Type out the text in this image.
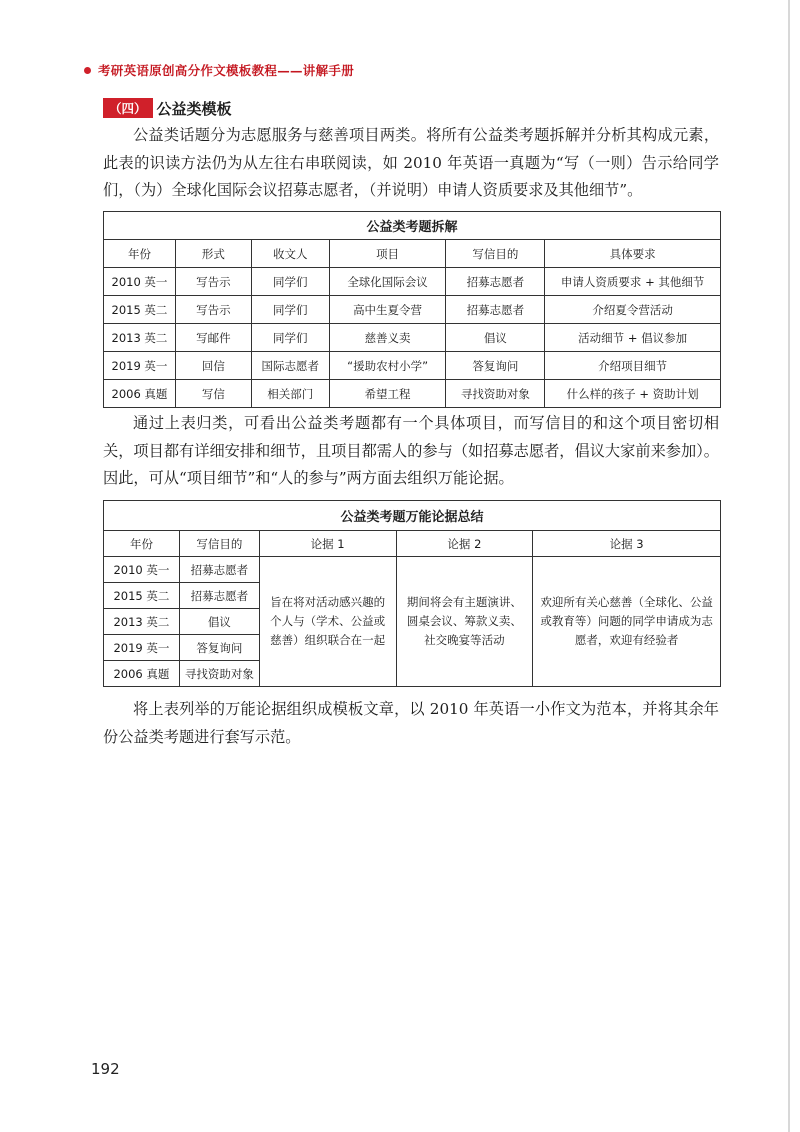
考研英语原创高分作文模板教程——讲解手册
（四） 公益类模板

公益类话题分为志愿服务与慈善项目两类。将所有公益类考题拆解并分析其构成元素，此表的识读方法仍为从左往右串联阅读，如 2010 年英语一真题为“写（一则）告示给同学们，（为）全球化国际会议招募志愿者，（并说明）申请人资质要求及其他细节”。

公益类考题拆解					
年份	形式	收文人	项目	写信目的	具体要求
2010 英一	写告示	同学们	全球化国际会议	招募志愿者	申请人资质要求 + 其他细节
2015 英二	写告示	同学们	高中生夏令营	招募志愿者	介绍夏令营活动
2013 英二	写邮件	同学们	慈善义卖	倡议	活动细节 + 倡议参加
2019 英一	回信	国际志愿者	“援助农村小学”	答复询问	介绍项目细节
2006 真题	写信	相关部门	希望工程	寻找资助对象	什么样的孩子 + 资助计划

通过上表归类，可看出公益类考题都有一个具体项目，而写信目的和这个项目密切相关，项目都有详细安排和细节，且项目都需人的参与（如招募志愿者，倡议大家前来参加）。因此，可从“项目细节”和“人的参与”两方面去组织万能论据。

公益类考题万能论据总结				
年份	写信目的	论据 1	论据 2	论据 3
2010 英一	招募志愿者	旨在将对活动感兴趣的个人与（学术、公益或慈善）组织联合在一起	期间将会有主题演讲、圆桌会议、筹款义卖、社交晚宴等活动	欢迎所有关心慈善（全球化、公益或教育等）问题的同学申请成为志愿者，欢迎有经验者
2015 英二	招募志愿者			
2013 英二	倡议			
2019 英一	答复询问			
2006 真题	寻找资助对象			

将上表列举的万能论据组织成模板文章，以 2010 年英语一小作文为范本，并将其余年份公益类考题进行套写示范。

192
